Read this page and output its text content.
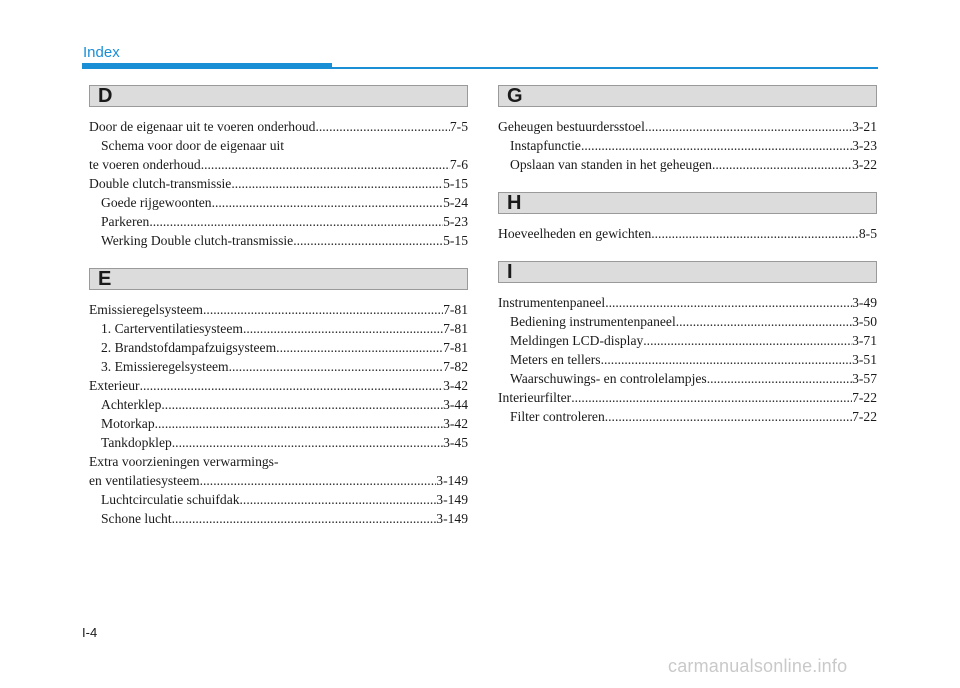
Index
D
Door de eigenaar uit te voeren onderhoud .....	7-5
Schema voor door de eigenaar uit
te voeren onderhoud .....	7-6
Double clutch-transmissie .....	5-15
Goede rijgewoonten .....	5-24
Parkeren .....	5-23
Werking Double clutch-transmissie .....	5-15
E
Emissieregelsysteem .....	7-81
1. Carterventilatiesysteem .....	7-81
2. Brandstofdampafzuigsysteem .....	7-81
3. Emissieregelsysteem .....	7-82
Exterieur .....	3-42
Achterklep .....	3-44
Motorkap .....	3-42
Tankdopklep .....	3-45
Extra voorzieningen verwarmings-
en ventilatiesysteem .....	3-149
Luchtcirculatie schuifdak .....	3-149
Schone lucht .....	3-149
G
Geheugen bestuurdersstoel .....	3-21
Instapfunctie .....	3-23
Opslaan van standen in het geheugen .....	3-22
H
Hoeveelheden en gewichten .....	8-5
I
Instrumentenpaneel .....	3-49
Bediening instrumentenpaneel .....	3-50
Meldingen LCD-display .....	3-71
Meters en tellers .....	3-51
Waarschuwings- en controlelampjes .....	3-57
Interieurfilter .....	7-22
Filter controleren .....	7-22
I-4
carmanualsonline.info
